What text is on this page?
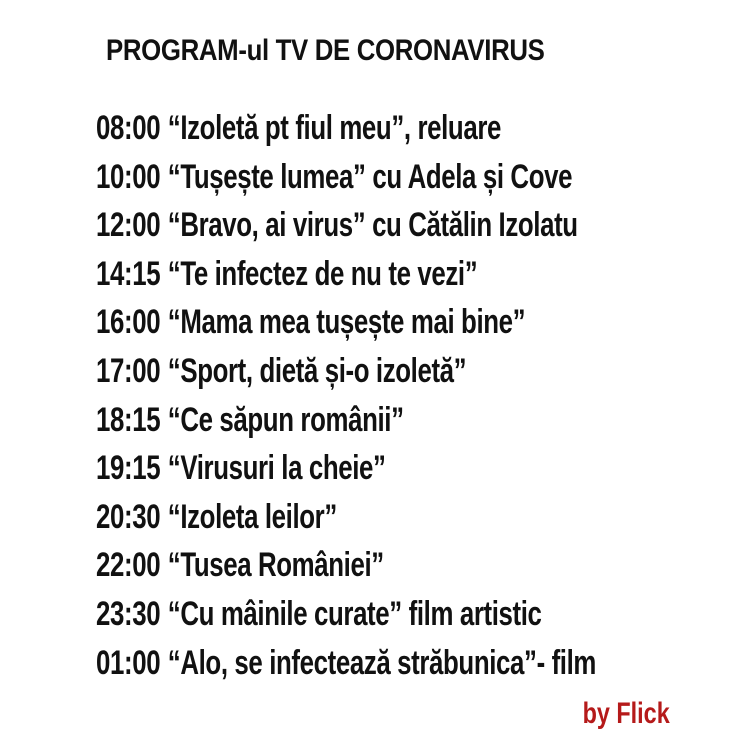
PROGRAM-ul TV DE CORONAVIRUS
08:00 “Izoletă pt fiul meu”, reluare
10:00 “Tușește lumea” cu Adela și Cove
12:00 “Bravo, ai virus” cu Cătălin Izolatu
14:15 “Te infectez de nu te vezi”
16:00 “Mama mea tușește mai bine”
17:00 “Sport, dietă și-o izoletă”
18:15 “Ce săpun românii”
19:15 “Virusuri la cheie”
20:30 “Izoleta leilor”
22:00 “Tusea României”
23:30 “Cu mâinile curate” film artistic
01:00 “Alo, se infectează străbunica”- film
by Flick
